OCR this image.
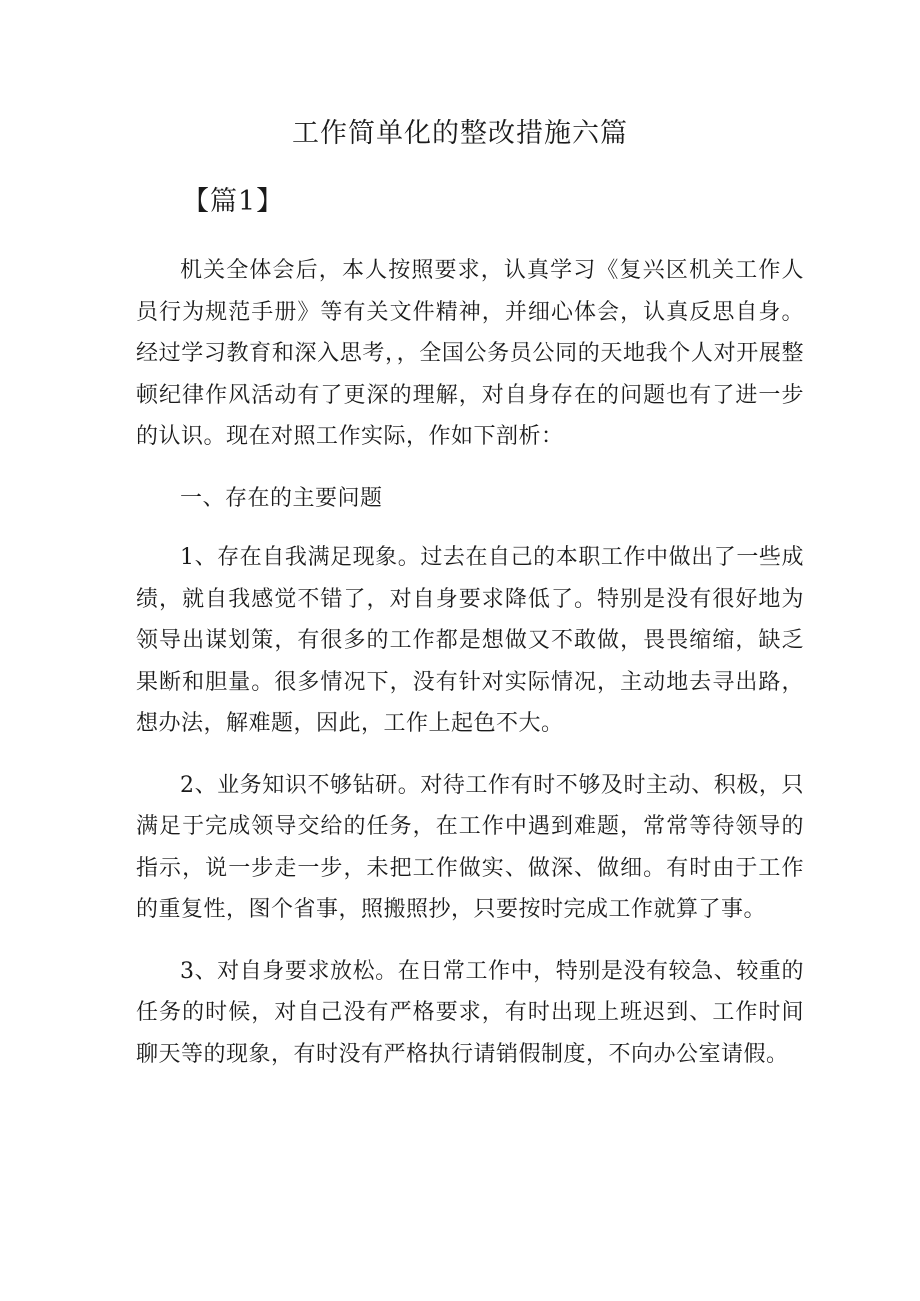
工作简单化的整改措施六篇
【篇1】

机关全体会后，本人按照要求，认真学习《复兴区机关工作人员行为规范手册》等有关文件精神，并细心体会，认真反思自身。经过学习教育和深入思考，，全国公务员公同的天地我个人对开展整顿纪律作风活动有了更深的理解，对自身存在的问题也有了进一步的认识。现在对照工作实际，作如下剖析：

一、存在的主要问题

1、存在自我满足现象。过去在自己的本职工作中做出了一些成绩，就自我感觉不错了，对自身要求降低了。特别是没有很好地为领导出谋划策，有很多的工作都是想做又不敢做，畏畏缩缩，缺乏果断和胆量。很多情况下，没有针对实际情况，主动地去寻出路，想办法，解难题，因此，工作上起色不大。

2、业务知识不够钻研。对待工作有时不够及时主动、积极，只满足于完成领导交给的任务，在工作中遇到难题，常常等待领导的指示，说一步走一步，未把工作做实、做深、做细。有时由于工作的重复性，图个省事，照搬照抄，只要按时完成工作就算了事。

3、对自身要求放松。在日常工作中，特别是没有较急、较重的任务的时候，对自己没有严格要求，有时出现上班迟到、工作时间聊天等的现象，有时没有严格执行请销假制度，不向办公室请假。
